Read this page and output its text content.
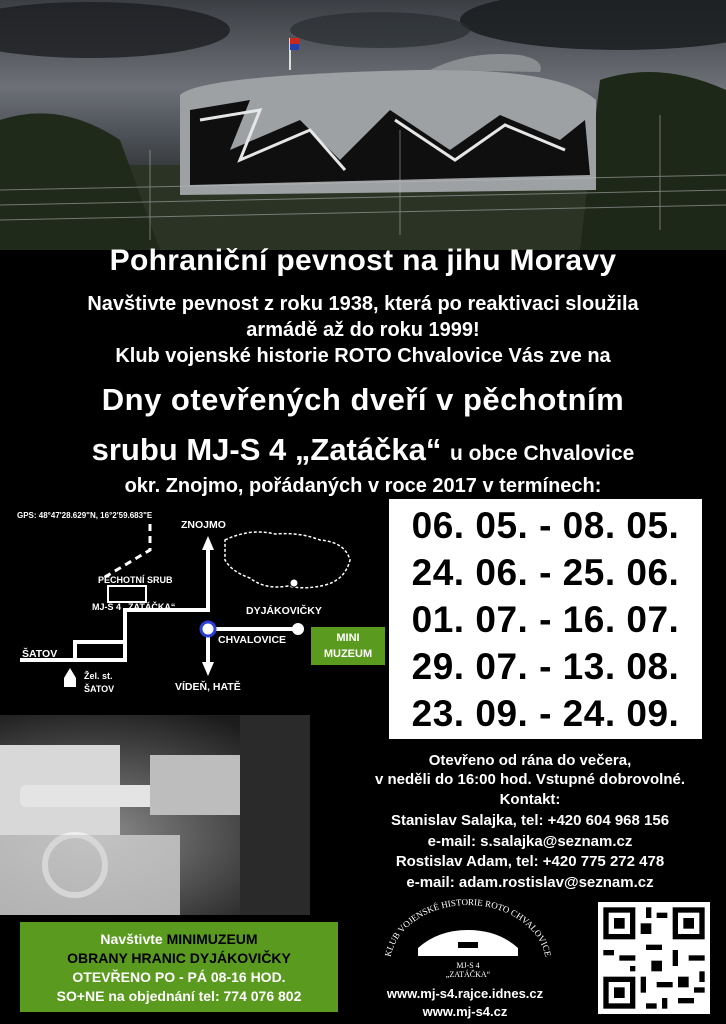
Pohraniční pevnost na jihu Moravy
Navštivte pevnost z roku 1938, která po reaktivaci sloužila
armádě až do roku 1999!
Klub vojenské historie ROTO Chvalovice Vás zve na
Dny otevřených dveří v pěchotním
srubu MJ-S 4 „Zatáčka“ u obce Chvalovice
okr. Znojmo, pořádaných v roce 2017 v termínech:
GPS: 48°47'28.629"N, 16°2'59.683"E
ZNOJMO
PĚCHOTNÍ SRUB
MJ-S 4 „ZATÁČKA“	DYJÁKOVIČKY
CHVALOVICE
ŠATOV
Žel. st.
ŠATOV	VÍDEŇ, HATĚ
MINI
MUZEUM
06. 05. - 08. 05.
24. 06. - 25. 06.
01. 07. - 16. 07.
29. 07. - 13. 08.
23. 09. - 24. 09.
Otevřeno od rána do večera,
v neděli do 16:00 hod. Vstupné dobrovolné.
Kontakt:
Stanislav Salajka, tel: +420 604 968 156
e-mail: s.salajka@seznam.cz
Rostislav Adam, tel: +420 775 272 478
e-mail: adam.rostislav@seznam.cz
Navštivte MINIMUZEUM
OBRANY HRANIC DYJÁKOVIČKY
OTEVŘENO PO - PÁ 08-16 HOD.
SO+NE na objednání tel: 774 076 802
KLUB VOJENSKÉ HISTORIE ROTO CHVALOVICE
MJ-S 4
„ZATÁČKA“
www.mj-s4.rajce.idnes.cz
www.mj-s4.cz
